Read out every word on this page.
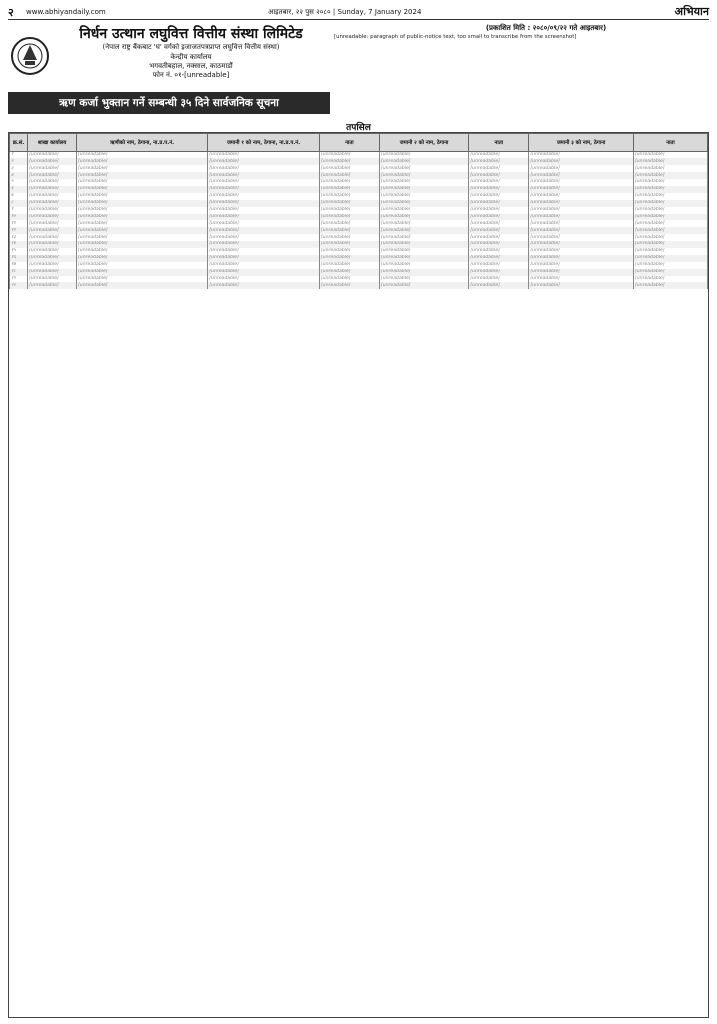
२ www.abhiyandaily.com	आइतबार, २२ पुस २०८० | Sunday, 7 January 2024	अभियान
निर्धन उत्थान लघुवित्त वित्तीय संस्था लिमिटेड
(नेपाल राष्ट्र बैंकबाट 'घ' वर्गको इजाजतपत्रप्राप्त लघुवित्त वित्तीय संस्था)
केन्द्रीय कार्यालय
भगवतीबहाल, नक्साल, काठमाडौं
फोन नं. ०१-[unreadable]
(प्रकाशित मिति : २०८०/०९/२२ गते आइतबार)
[unreadable: paragraph of public-notice text, too small to transcribe from the screenshot]
ऋण कर्जा भुक्तान गर्ने सम्बन्धी ३५ दिने सार्वजनिक सूचना
तपसिल
क्र.सं.	शाखा कार्यालय	ऋणीको नाम, ठेगाना, ना.प्र.प.नं.	जमानी १ को नाम, ठेगाना, ना.प्र.प.नं.	नाता	जमानी २ को नाम, ठेगाना	नाता	जमानी ३ को नाम, ठेगाना	नाता
१	[unreadable]	[unreadable]	[unreadable]	[unreadable]	[unreadable]	[unreadable]	[unreadable]	[unreadable]
२	[unreadable]	[unreadable]	[unreadable]	[unreadable]	[unreadable]	[unreadable]	[unreadable]	[unreadable]
३	[unreadable]	[unreadable]	[unreadable]	[unreadable]	[unreadable]	[unreadable]	[unreadable]	[unreadable]
४	[unreadable]	[unreadable]	[unreadable]	[unreadable]	[unreadable]	[unreadable]	[unreadable]	[unreadable]
५	[unreadable]	[unreadable]	[unreadable]	[unreadable]	[unreadable]	[unreadable]	[unreadable]	[unreadable]
६	[unreadable]	[unreadable]	[unreadable]	[unreadable]	[unreadable]	[unreadable]	[unreadable]	[unreadable]
७	[unreadable]	[unreadable]	[unreadable]	[unreadable]	[unreadable]	[unreadable]	[unreadable]	[unreadable]
८	[unreadable]	[unreadable]	[unreadable]	[unreadable]	[unreadable]	[unreadable]	[unreadable]	[unreadable]
९	[unreadable]	[unreadable]	[unreadable]	[unreadable]	[unreadable]	[unreadable]	[unreadable]	[unreadable]
१०	[unreadable]	[unreadable]	[unreadable]	[unreadable]	[unreadable]	[unreadable]	[unreadable]	[unreadable]
११	[unreadable]	[unreadable]	[unreadable]	[unreadable]	[unreadable]	[unreadable]	[unreadable]	[unreadable]
१२	[unreadable]	[unreadable]	[unreadable]	[unreadable]	[unreadable]	[unreadable]	[unreadable]	[unreadable]
१३	[unreadable]	[unreadable]	[unreadable]	[unreadable]	[unreadable]	[unreadable]	[unreadable]	[unreadable]
१४	[unreadable]	[unreadable]	[unreadable]	[unreadable]	[unreadable]	[unreadable]	[unreadable]	[unreadable]
१५	[unreadable]	[unreadable]	[unreadable]	[unreadable]	[unreadable]	[unreadable]	[unreadable]	[unreadable]
१६	[unreadable]	[unreadable]	[unreadable]	[unreadable]	[unreadable]	[unreadable]	[unreadable]	[unreadable]
१७	[unreadable]	[unreadable]	[unreadable]	[unreadable]	[unreadable]	[unreadable]	[unreadable]	[unreadable]
१८	[unreadable]	[unreadable]	[unreadable]	[unreadable]	[unreadable]	[unreadable]	[unreadable]	[unreadable]
१९	[unreadable]	[unreadable]	[unreadable]	[unreadable]	[unreadable]	[unreadable]	[unreadable]	[unreadable]
२०	[unreadable]	[unreadable]	[unreadable]	[unreadable]	[unreadable]	[unreadable]	[unreadable]	[unreadable]
